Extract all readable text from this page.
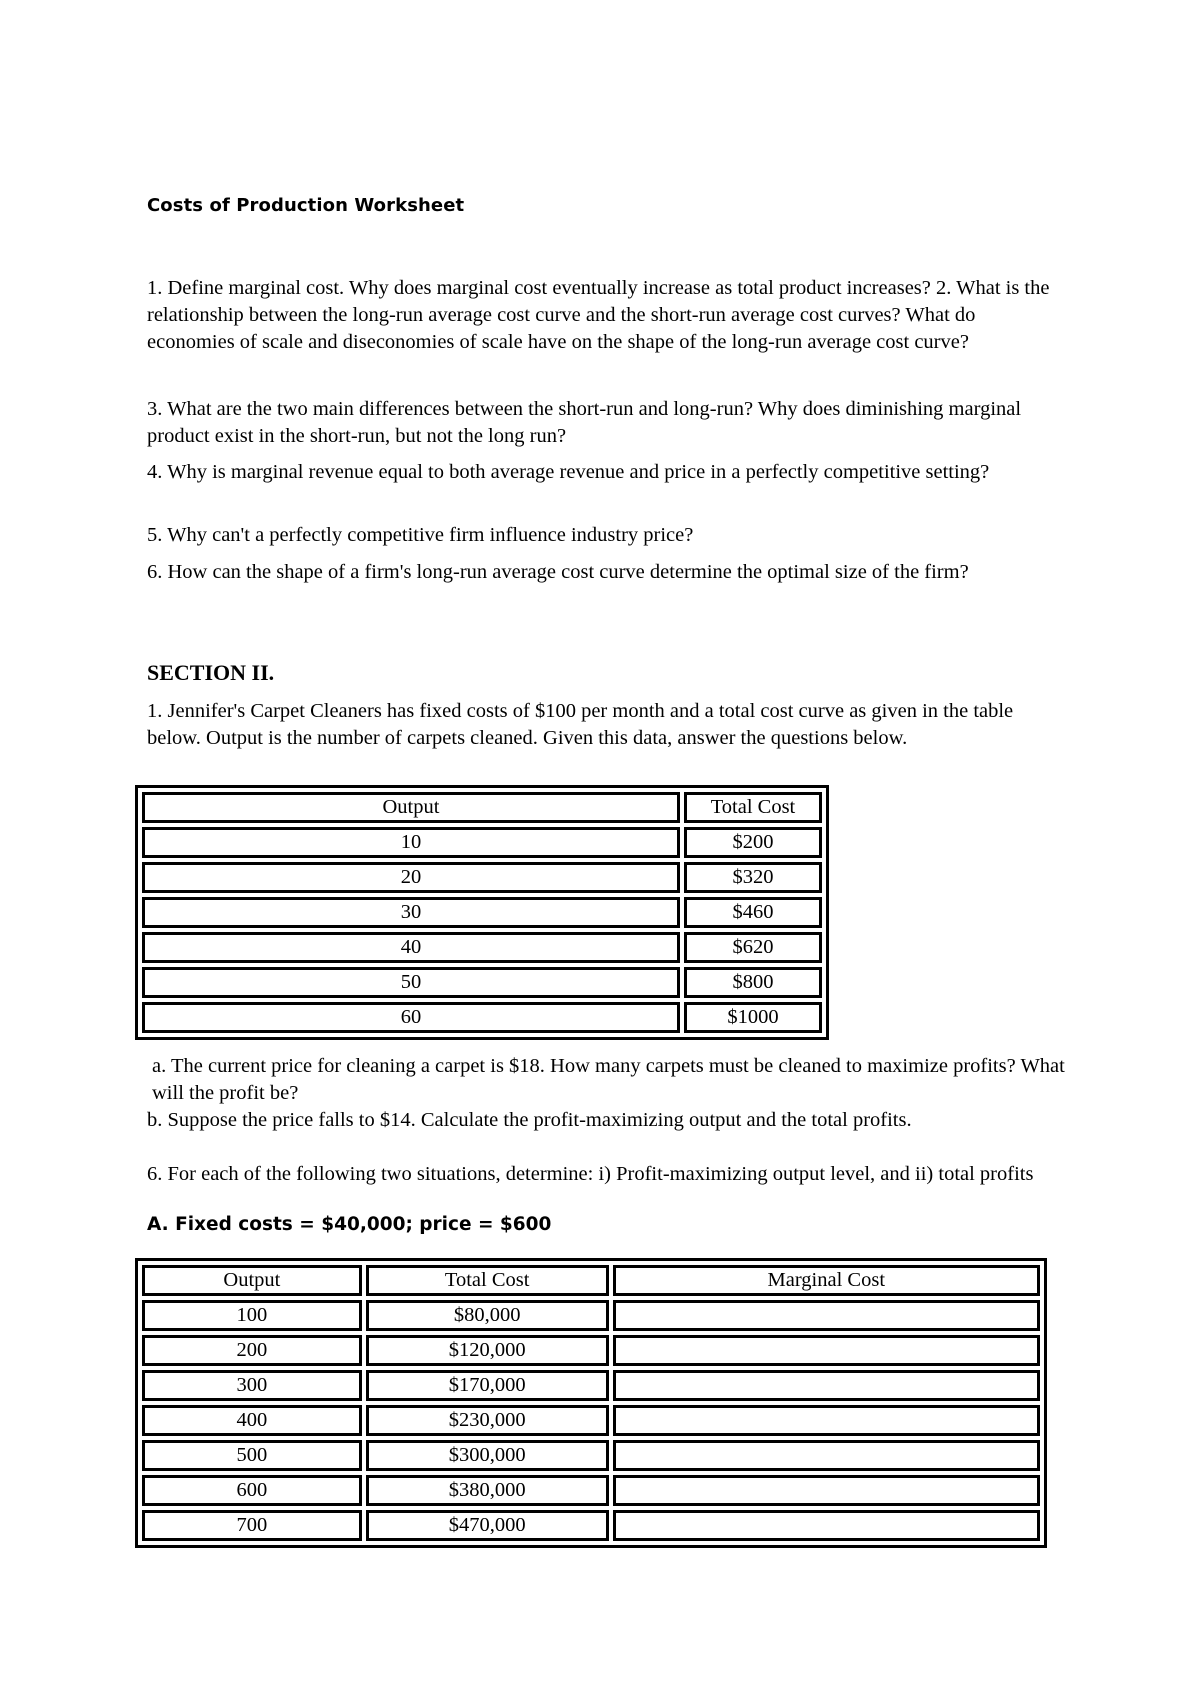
Costs of Production Worksheet
1. Define marginal cost. Why does marginal cost eventually increase as total product increases? 2. What is the relationship between the long-run average cost curve and the short-run average cost curves? What do economies of scale and diseconomies of scale have on the shape of the long-run average cost curve?
3. What are the two main differences between the short-run and long-run? Why does diminishing marginal product exist in the short-run, but not the long run?
4. Why is marginal revenue equal to both average revenue and price in a perfectly competitive setting?
5. Why can't a perfectly competitive firm influence industry price?
6. How can the shape of a firm's long-run average cost curve determine the optimal size of the firm?
SECTION II.
1. Jennifer's Carpet Cleaners has fixed costs of $100 per month and a total cost curve as given in the table below. Output is the number of carpets cleaned. Given this data, answer the questions below.
Output	Total Cost
10	$200
20	$320
30	$460
40	$620
50	$800
60	$1000
a. The current price for cleaning a carpet is $18. How many carpets must be cleaned to maximize profits? What will the profit be?
b. Suppose the price falls to $14. Calculate the profit-maximizing output and the total profits.
6. For each of the following two situations, determine: i) Profit-maximizing output level, and ii) total profits
A. Fixed costs = $40,000; price = $600
Output	Total Cost	Marginal Cost
100	$80,000	
200	$120,000	
300	$170,000	
400	$230,000	
500	$300,000	
600	$380,000	
700	$470,000	
